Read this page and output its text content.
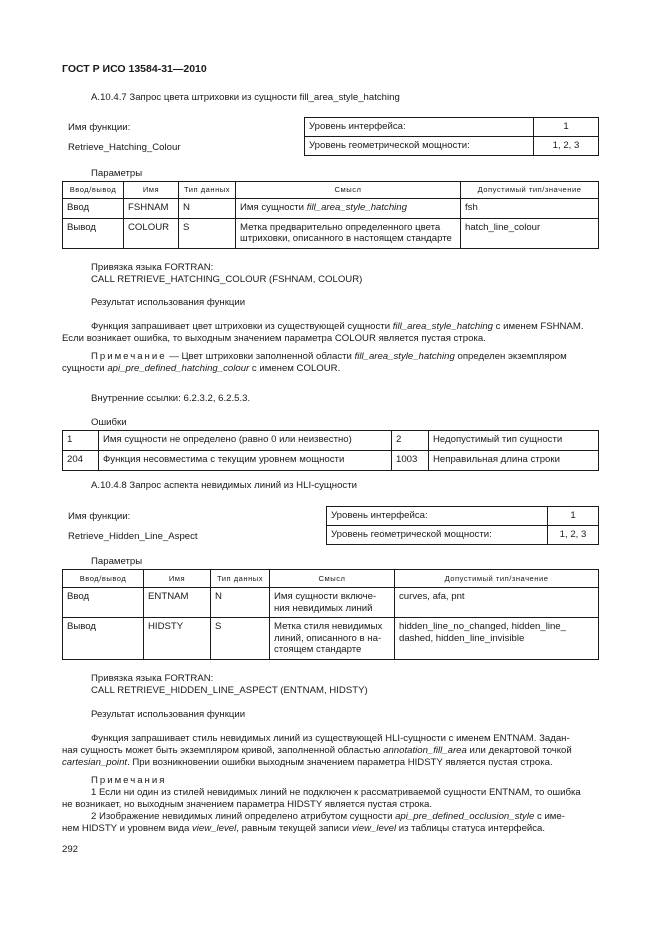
ГОСТ Р ИСО 13584-31—2010
A.10.4.7 Запрос цвета штриховки из сущности fill_area_style_hatching
Имя функции:
Retrieve_Hatching_Colour
Уровень интерфейса:	1
Уровень геометрической мощности:	1, 2, 3
Параметры
Ввод/вывод	Имя	Тип данных	Смысл	Допустимый тип/значение
Ввод	FSHNAM	N	Имя сущности fill_area_style_hatching	fsh
Вывод	COLOUR	S	Метка предварительно определенного цвета
штриховки, описанного в настоящем стандарте	hatch_line_colour
Привязка языка FORTRAN:
CALL RETRIEVE_HATCHING_COLOUR (FSHNAM, COLOUR)
Результат использования функции
Функция запрашивает цвет штриховки из существующей сущности fill_area_style_hatching с именем FSHNAM.
Если возникает ошибка, то выходным значением параметра COLOUR является пустая строка.
Примечание — Цвет штриховки заполненной области fill_area_style_hatching определен экземпляром
сущности api_pre_defined_hatching_colour с именем COLOUR.
Внутренние ссылки: 6.2.3.2, 6.2.5.3.
Ошибки
1	Имя сущности не определено (равно 0 или неизвестно)	2	Недопустимый тип сущности
204	Функция несовместима с текущим уровнем мощности	1003	Неправильная длина строки
A.10.4.8 Запрос аспекта невидимых линий из HLI-сущности
Имя функции:
Retrieve_Hidden_Line_Aspect
Уровень интерфейса:	1
Уровень геометрической мощности:	1, 2, 3
Параметры
Ввод/вывод	Имя	Тип данных	Смысл	Допустимый тип/значение
Ввод	ENTNAM	N	Имя сущности включе-
ния невидимых линий	curves, afa, pnt
Вывод	HIDSTY	S	Метка стиля невидимых
линий, описанного в на-
стоящем стандарте	hidden_line_no_changed, hidden_line_
dashed, hidden_line_invisible
Привязка языка FORTRAN:
CALL RETRIEVE_HIDDEN_LINE_ASPECT (ENTNAM, HIDSTY)
Результат использования функции
Функция запрашивает стиль невидимых линий из существующей HLI-сущности с именем ENTNAM. Задан-
ная сущность может быть экземпляром кривой, заполненной областью annotation_fill_area или декартовой точкой
cartesian_point. При возникновении ошибки выходным значением параметра HIDSTY является пустая строка.
Примечания
1 Если ни один из стилей невидимых линий не подключен к рассматриваемой сущности ENTNAM, то ошибка
не возникает, но выходным значением параметра HIDSTY является пустая строка.
2 Изображение невидимых линий определено атрибутом сущности api_pre_defined_occlusion_style с име-
нем HIDSTY и уровнем вида view_level, равным текущей записи view_level из таблицы статуса интерфейса.
292
